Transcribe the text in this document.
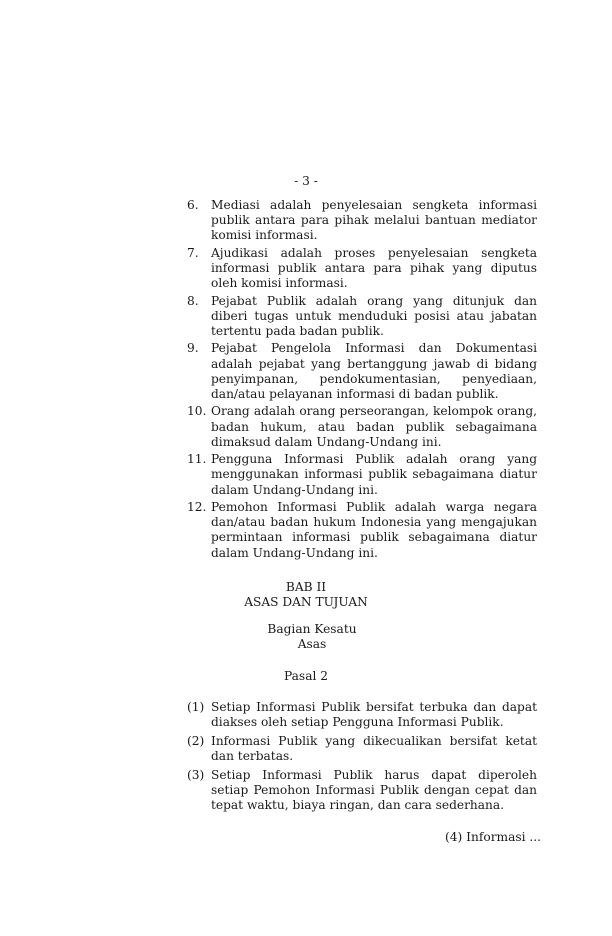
- 3 -
6.	Mediasi adalah penyelesaian sengketa informasi publik antara para pihak melalui bantuan mediator komisi informasi.
7.	Ajudikasi adalah proses penyelesaian sengketa informasi publik antara para pihak yang diputus oleh komisi informasi.
8.	Pejabat Publik adalah orang yang ditunjuk dan diberi tugas untuk menduduki posisi atau jabatan tertentu pada badan publik.
9.	Pejabat Pengelola Informasi dan Dokumentasi adalah pejabat yang bertanggung jawab di bidang penyimpanan, pendokumentasian, penyediaan, dan/atau pelayanan informasi di badan publik.
10. Orang adalah orang perseorangan, kelompok orang, badan hukum, atau badan publik sebagaimana dimaksud dalam Undang-Undang ini.
11. Pengguna Informasi Publik adalah orang yang menggunakan informasi publik sebagaimana diatur dalam Undang-Undang ini.
12. Pemohon Informasi Publik adalah warga negara dan/atau badan hukum Indonesia yang mengajukan permintaan informasi publik sebagaimana diatur dalam Undang-Undang ini.
BAB II
ASAS DAN TUJUAN
Bagian Kesatu
Asas
Pasal 2
(1) Setiap Informasi Publik bersifat terbuka dan dapat diakses oleh setiap Pengguna Informasi Publik.
(2) Informasi Publik yang dikecualikan bersifat ketat dan terbatas.
(3) Setiap Informasi Publik harus dapat diperoleh setiap Pemohon Informasi Publik dengan cepat dan tepat waktu, biaya ringan, dan cara sederhana.
(4) Informasi ...
